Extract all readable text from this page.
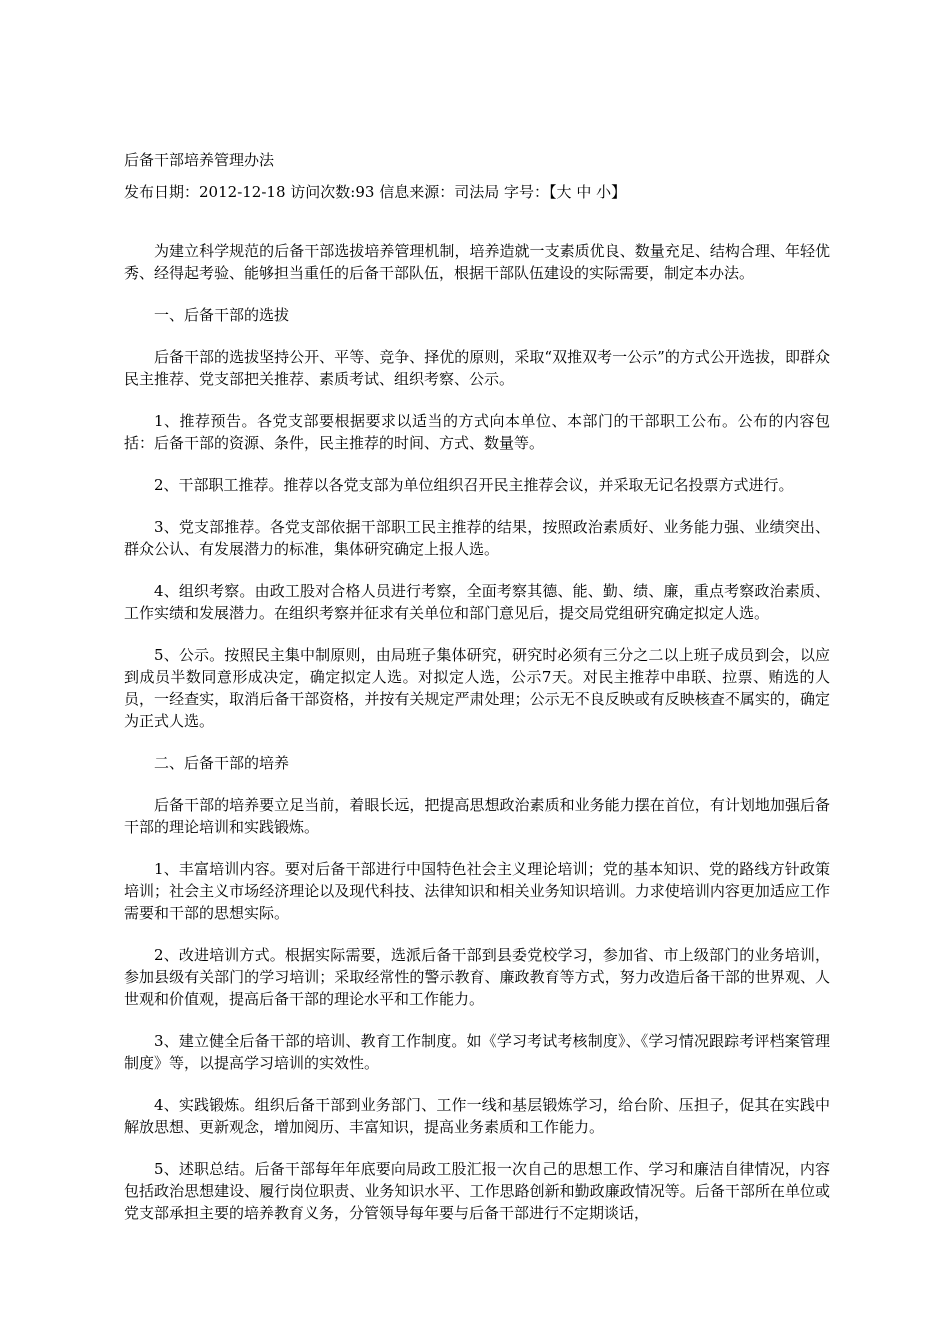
后备干部培养管理办法
发布日期：2012-12-18 访问次数:93 信息来源：司法局 字号：【大 中 小】

为建立科学规范的后备干部选拔培养管理机制，培养造就一支素质优良、数量充足、结构合理、年轻优秀、经得起考验、能够担当重任的后备干部队伍，根据干部队伍建设的实际需要，制定本办法。

一、后备干部的选拔

后备干部的选拔坚持公开、平等、竞争、择优的原则，采取“双推双考一公示”的方式公开选拔，即群众民主推荐、党支部把关推荐、素质考试、组织考察、公示。

1、推荐预告。各党支部要根据要求以适当的方式向本单位、本部门的干部职工公布。公布的内容包括：后备干部的资源、条件，民主推荐的时间、方式、数量等。

2、干部职工推荐。推荐以各党支部为单位组织召开民主推荐会议，并采取无记名投票方式进行。

3、党支部推荐。各党支部依据干部职工民主推荐的结果，按照政治素质好、业务能力强、业绩突出、群众公认、有发展潜力的标准，集体研究确定上报人选。

4、组织考察。由政工股对合格人员进行考察，全面考察其德、能、勤、绩、廉，重点考察政治素质、工作实绩和发展潜力。在组织考察并征求有关单位和部门意见后，提交局党组研究确定拟定人选。

5、公示。按照民主集中制原则，由局班子集体研究，研究时必须有三分之二以上班子成员到会，以应到成员半数同意形成决定，确定拟定人选。对拟定人选，公示7天。对民主推荐中串联、拉票、贿选的人员，一经查实，取消后备干部资格，并按有关规定严肃处理；公示无不良反映或有反映核查不属实的，确定为正式人选。

二、后备干部的培养

后备干部的培养要立足当前，着眼长远，把提高思想政治素质和业务能力摆在首位，有计划地加强后备干部的理论培训和实践锻炼。

1、丰富培训内容。要对后备干部进行中国特色社会主义理论培训；党的基本知识、党的路线方针政策培训；社会主义市场经济理论以及现代科技、法律知识和相关业务知识培训。力求使培训内容更加适应工作需要和干部的思想实际。

2、改进培训方式。根据实际需要，选派后备干部到县委党校学习，参加省、市上级部门的业务培训，参加县级有关部门的学习培训；采取经常性的警示教育、廉政教育等方式，努力改造后备干部的世界观、人世观和价值观，提高后备干部的理论水平和工作能力。

3、建立健全后备干部的培训、教育工作制度。如《学习考试考核制度》、《学习情况跟踪考评档案管理制度》等，以提高学习培训的实效性。

4、实践锻炼。组织后备干部到业务部门、工作一线和基层锻炼学习，给台阶、压担子，促其在实践中解放思想、更新观念，增加阅历、丰富知识，提高业务素质和工作能力。

5、述职总结。后备干部每年年底要向局政工股汇报一次自己的思想工作、学习和廉洁自律情况，内容包括政治思想建设、履行岗位职责、业务知识水平、工作思路创新和勤政廉政情况等。后备干部所在单位或党支部承担主要的培养教育义务，分管领导每年要与后备干部进行不定期谈话，
